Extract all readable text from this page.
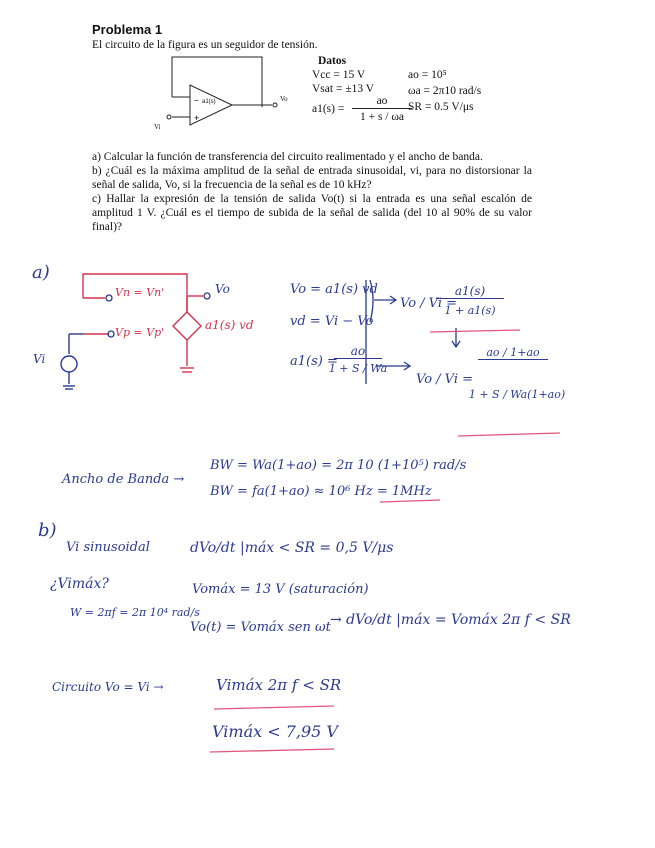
Problema 1
El circuito de la figura es un seguidor de tensión.
−
+
a1(s)	Vo
Vi
Datos
Vcc = 15 V
Vsat = ±13 V
a1(s) =
ao
1 + s / ωa
ao = 10⁵
ωa = 2π10 rad/s
SR = 0.5 V/μs
a) Calcular la función de transferencia del circuito realimentado y el ancho de banda.
b) ¿Cuál es la máxima amplitud de la señal de entrada sinusoidal, vi, para no distorsionar la señal de salida, Vo, si la frecuencia de la señal es de 10 kHz?
c) Hallar la expresión de la tensión de salida Vo(t) si la entrada es una señal escalón de amplitud 1 V. ¿Cuál es el tiempo de subida de la señal de salida (del 10 al 90% de su valor final)?
a)
Vn = Vn'
Vp = Vp'
Vo
a1(s) vd
Vi
Vo = a1(s) vd
vd = Vi − Vo
a1(s) =
ao
1 + S / Wa
Vo / Vi =
a1(s)
1 + a1(s)
Vo / Vi =
ao / 1+ao
1 + S / Wa(1+ao)
Ancho de Banda →
BW = Wa(1+ao) = 2π 10 (1+10⁵) rad/s
BW = fa(1+ao) ≈ 10⁶ Hz = 1MHz
b)
Vi sinusoidal	dVo/dt |máx < SR = 0,5 V/μs
¿Vimáx?	Vomáx = 13 V (saturación)
W = 2πf = 2π 10⁴ rad/s
Vo(t) = Vomáx sen ωt → dVo/dt |máx = Vomáx 2π f < SR
Circuito Vo = Vi →	Vimáx 2π f < SR
Vimáx < 7,95 V
